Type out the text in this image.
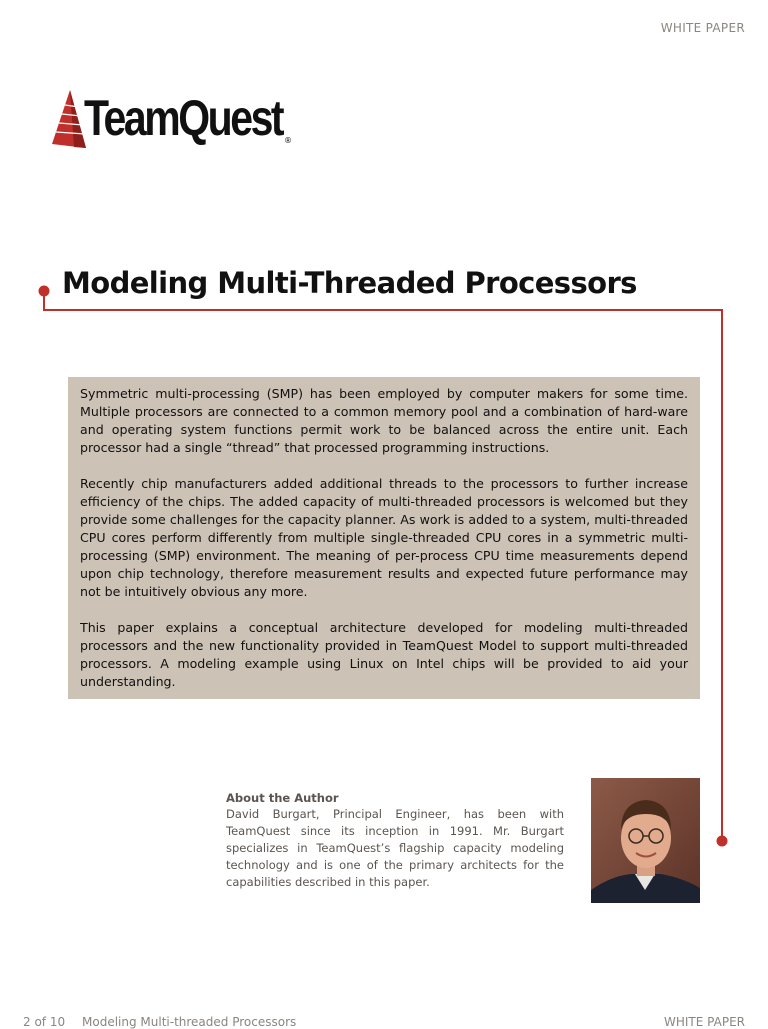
WHITE PAPER
TeamQuest ®
Modeling Multi-Threaded Processors

Symmetric multi-processing (SMP) has been employed by computer makers for some time. Multiple processors are connected to a common memory pool and a combination of hard-ware and operating system functions permit work to be balanced across the entire unit. Each processor had a single “thread” that processed programming instructions.

Recently chip manufacturers added additional threads to the processors to further increase efficiency of the chips. The added capacity of multi-threaded processors is welcomed but they provide some challenges for the capacity planner. As work is added to a system, multi-threaded CPU cores perform differently from multiple single-threaded CPU cores in a symmetric multi-processing (SMP) environment. The meaning of per-process CPU time measurements depend upon chip technology, therefore measurement results and expected future performance may not be intuitively obvious any more.

This paper explains a conceptual architecture developed for modeling multi-threaded processors and the new functionality provided in TeamQuest Model to support multi-threaded processors. A modeling example using Linux on Intel chips will be provided to aid your understanding.

About the Author

David Burgart, Principal Engineer, has been with TeamQuest since its inception in 1991. Mr. Burgart specializes in TeamQuest’s flagship capacity modeling technology and is one of the primary architects for the capabilities described in this paper.

2 of 10 Modeling Multi-threaded Processors	WHITE PAPER
